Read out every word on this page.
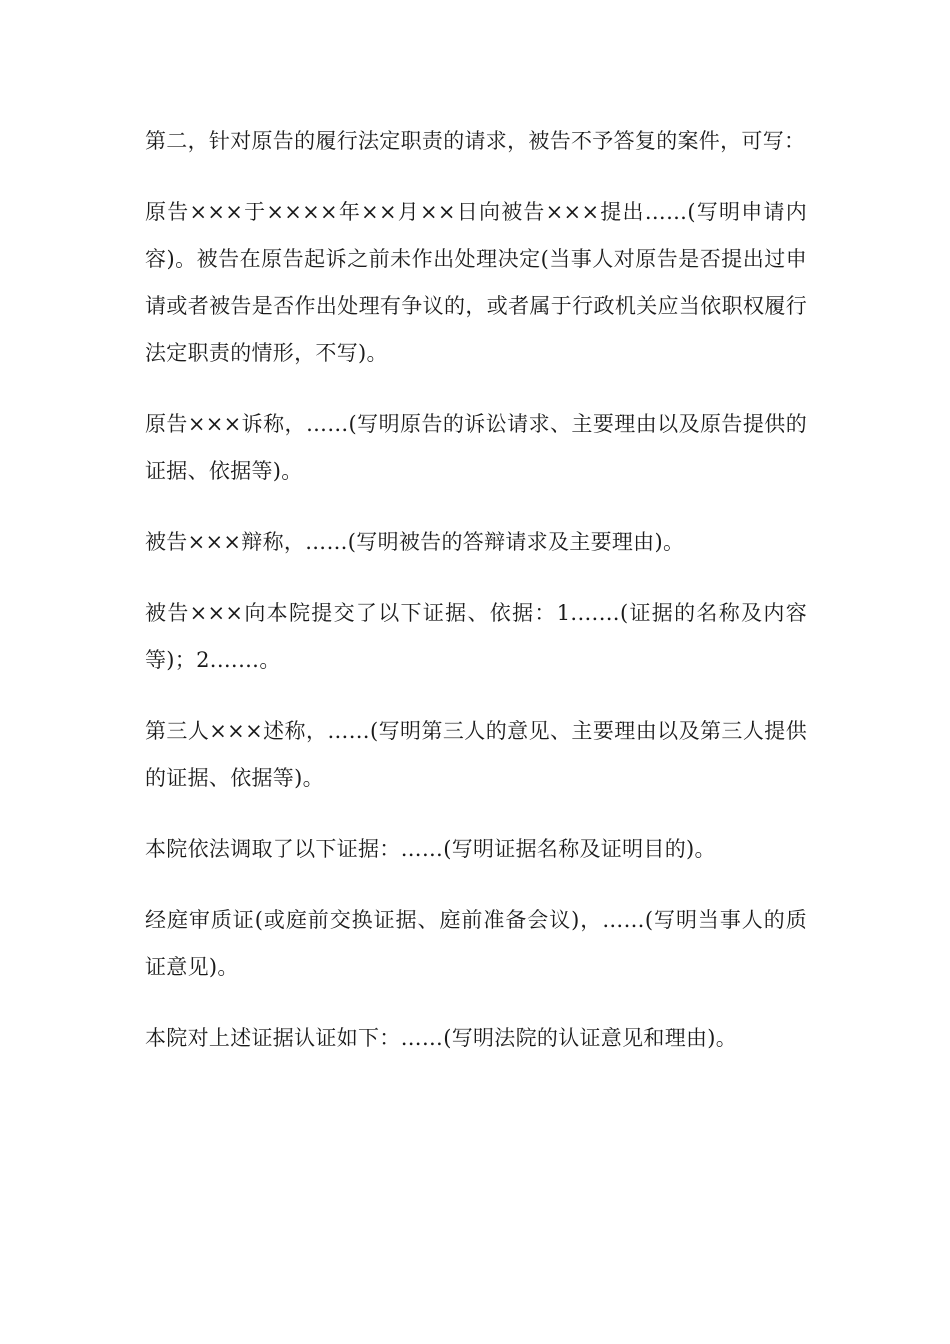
第二，针对原告的履行法定职责的请求，被告不予答复的案件，可写：

原告×××于××××年××月××日向被告×××提出……(写明申请内容)。被告在原告起诉之前未作出处理决定(当事人对原告是否提出过申请或者被告是否作出处理有争议的，或者属于行政机关应当依职权履行法定职责的情形，不写)。

原告×××诉称，……(写明原告的诉讼请求、主要理由以及原告提供的证据、依据等)。

被告×××辩称，……(写明被告的答辩请求及主要理由)。

被告×××向本院提交了以下证据、依据：1.……(证据的名称及内容等)；2.……。

第三人×××述称，……(写明第三人的意见、主要理由以及第三人提供的证据、依据等)。

本院依法调取了以下证据：……(写明证据名称及证明目的)。

经庭审质证(或庭前交换证据、庭前准备会议)，……(写明当事人的质证意见)。

本院对上述证据认证如下：……(写明法院的认证意见和理由)。
